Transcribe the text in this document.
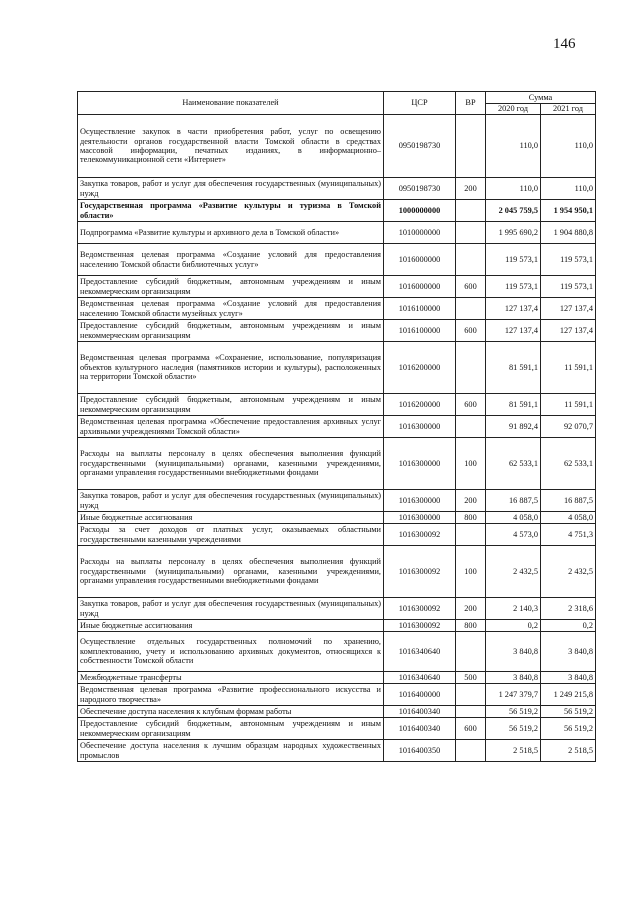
146
Наименование показателей	ЦСР	ВР	Сумма	
			2020 год	2021 год
Осуществление закупок в части приобретения работ, услуг по освещению деятельности органов государственной власти Томской области в средствах массовой информации, печатных изданиях, в информационно–телекоммуникационной сети «Интернет»	0950198730		110,0	110,0
Закупка товаров, работ и услуг для обеспечения государственных (муниципальных) нужд	0950198730	200	110,0	110,0
Государственная программа «Развитие культуры и туризма в Томской области»	1000000000		2 045 759,5	1 954 950,1
Подпрограмма «Развитие культуры и архивного дела в Томской области»	1010000000		1 995 690,2	1 904 880,8
Ведомственная целевая программа «Создание условий для предоставления населению Томской области библиотечных услуг»	1016000000		119 573,1	119 573,1
Предоставление субсидий бюджетным, автономным учреждениям и иным некоммерческим организациям	1016000000	600	119 573,1	119 573,1
Ведомственная целевая программа «Создание условий для предоставления населению Томской области музейных услуг»	1016100000		127 137,4	127 137,4
Предоставление субсидий бюджетным, автономным учреждениям и иным некоммерческим организациям	1016100000	600	127 137,4	127 137,4
Ведомственная целевая программа «Сохранение, использование, популяризация объектов культурного наследия (памятников истории и культуры), расположенных на территории Томской области»	1016200000		81 591,1	11 591,1
Предоставление субсидий бюджетным, автономным учреждениям и иным некоммерческим организациям	1016200000	600	81 591,1	11 591,1
Ведомственная целевая программа «Обеспечение предоставления архивных услуг архивными учреждениями Томской области»	1016300000		91 892,4	92 070,7
Расходы на выплаты персоналу в целях обеспечения выполнения функций государственными (муниципальными) органами, казенными учреждениями, органами управления государственными внебюджетными фондами	1016300000	100	62 533,1	62 533,1
Закупка товаров, работ и услуг для обеспечения государственных (муниципальных) нужд	1016300000	200	16 887,5	16 887,5
Иные бюджетные ассигнования	1016300000	800	4 058,0	4 058,0
Расходы за счет доходов от платных услуг, оказываемых областными государственными казенными учреждениями	1016300092		4 573,0	4 751,3
Расходы на выплаты персоналу в целях обеспечения выполнения функций государственными (муниципальными) органами, казенными учреждениями, органами управления государственными внебюджетными фондами	1016300092	100	2 432,5	2 432,5
Закупка товаров, работ и услуг для обеспечения государственных (муниципальных) нужд	1016300092	200	2 140,3	2 318,6
Иные бюджетные ассигнования	1016300092	800	0,2	0,2
Осуществление отдельных государственных полномочий по хранению, комплектованию, учету и использованию архивных документов, относящихся к собственности Томской области	1016340640		3 840,8	3 840,8
Межбюджетные трансферты	1016340640	500	3 840,8	3 840,8
Ведомственная целевая программа «Развитие профессионального искусства и народного творчества»	1016400000		1 247 379,7	1 249 215,8
Обеспечение доступа населения к клубным формам работы	1016400340		56 519,2	56 519,2
Предоставление субсидий бюджетным, автономным учреждениям и иным некоммерческим организациям	1016400340	600	56 519,2	56 519,2
Обеспечение доступа населения к лучшим образцам народных художественных промыслов	1016400350		2 518,5	2 518,5
